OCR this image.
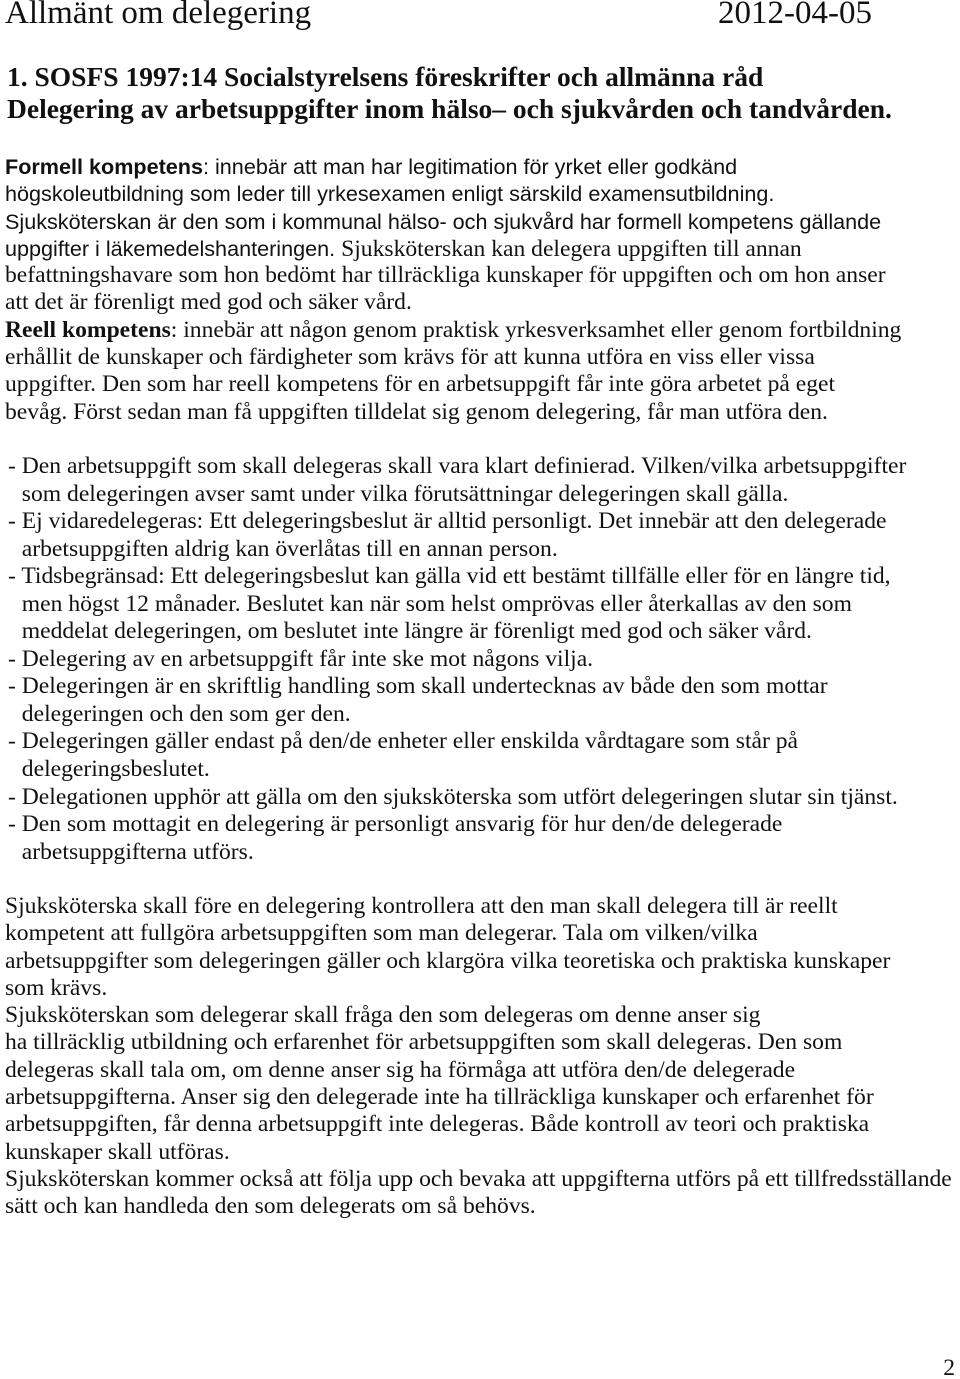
Allmänt om delegering	2012-04-05
1. SOSFS 1997:14 Socialstyrelsens föreskrifter och allmänna råd
Delegering av arbetsuppgifter inom hälso– och sjukvården och tandvården.
Formell kompetens: innebär att man har legitimation för yrket eller godkänd
högskoleutbildning som leder till yrkesexamen enligt särskild examensutbildning.
Sjuksköterskan är den som i kommunal hälso- och sjukvård har formell kompetens gällande
uppgifter i läkemedelshanteringen. Sjuksköterskan kan delegera uppgiften till annan
befattningshavare som hon bedömt har tillräckliga kunskaper för uppgiften och om hon anser
att det är förenligt med god och säker vård.
Reell kompetens: innebär att någon genom praktisk yrkesverksamhet eller genom fortbildning
erhållit de kunskaper och färdigheter som krävs för att kunna utföra en viss eller vissa
uppgifter. Den som har reell kompetens för en arbetsuppgift får inte göra arbetet på eget
bevåg. Först sedan man få uppgiften tilldelat sig genom delegering, får man utföra den.
- Den arbetsuppgift som skall delegeras skall vara klart definierad. Vilken/vilka arbetsuppgifter
som delegeringen avser samt under vilka förutsättningar delegeringen skall gälla.
- Ej vidaredelegeras: Ett delegeringsbeslut är alltid personligt. Det innebär att den delegerade
arbetsuppgiften aldrig kan överlåtas till en annan person.
- Tidsbegränsad: Ett delegeringsbeslut kan gälla vid ett bestämt tillfälle eller för en längre tid,
men högst 12 månader. Beslutet kan när som helst omprövas eller återkallas av den som
meddelat delegeringen, om beslutet inte längre är förenligt med god och säker vård.
- Delegering av en arbetsuppgift får inte ske mot någons vilja.
- Delegeringen är en skriftlig handling som skall undertecknas av både den som mottar
delegeringen och den som ger den.
- Delegeringen gäller endast på den/de enheter eller enskilda vårdtagare som står på
delegeringsbeslutet.
- Delegationen upphör att gälla om den sjuksköterska som utfört delegeringen slutar sin tjänst.
- Den som mottagit en delegering är personligt ansvarig för hur den/de delegerade
arbetsuppgifterna utförs.
Sjuksköterska skall före en delegering kontrollera att den man skall delegera till är reellt
kompetent att fullgöra arbetsuppgiften som man delegerar. Tala om vilken/vilka
arbetsuppgifter som delegeringen gäller och klargöra vilka teoretiska och praktiska kunskaper
som krävs.
Sjuksköterskan som delegerar skall fråga den som delegeras om denne anser sig
ha tillräcklig utbildning och erfarenhet för arbetsuppgiften som skall delegeras. Den som
delegeras skall tala om, om denne anser sig ha förmåga att utföra den/de delegerade
arbetsuppgifterna. Anser sig den delegerade inte ha tillräckliga kunskaper och erfarenhet för
arbetsuppgiften, får denna arbetsuppgift inte delegeras. Både kontroll av teori och praktiska
kunskaper skall utföras.
Sjuksköterskan kommer också att följa upp och bevaka att uppgifterna utförs på ett tillfredsställande
sätt och kan handleda den som delegerats om så behövs.
2
